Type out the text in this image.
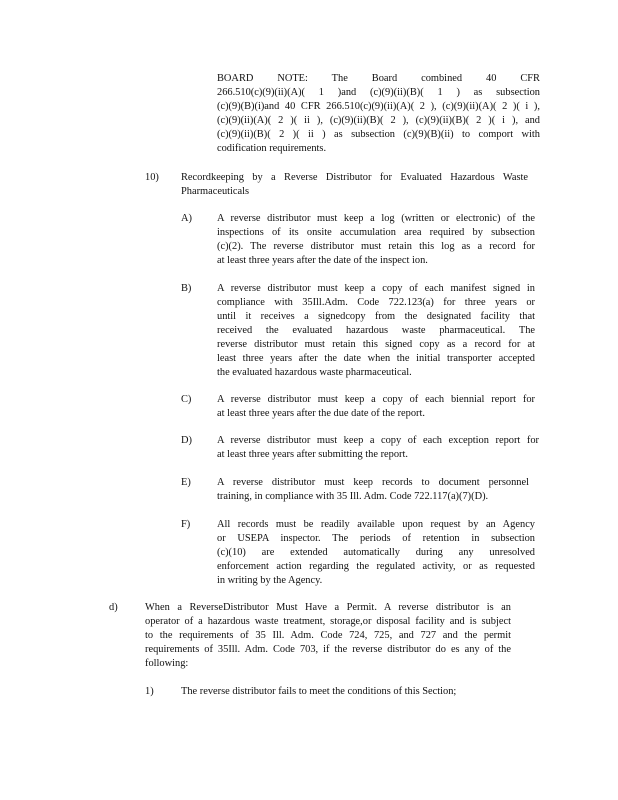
BOARD NOTE: The Board combined 40 CFR
266.510(c)(9)(ii)(A)( 1 )and (c)(9)(ii)(B)( 1 ) as subsection
(c)(9)(B)(i)and 40 CFR 266.510(c)(9)(ii)(A)( 2 ), (c)(9)(ii)(A)( 2 )( i ),
(c)(9)(ii)(A)( 2 )( ii ), (c)(9)(ii)(B)( 2 ), (c)(9)(ii)(B)( 2 )( i ), and
(c)(9)(ii)(B)( 2 )( ii ) as subsection (c)(9)(B)(ii) to comport with
codification requirements.
10) Recordkeeping by a Reverse Distributor for Evaluated Hazardous Waste
Pharmaceuticals
A) A reverse distributor must keep a log (written or electronic) of the
inspections of its onsite accumulation area required by subsection
(c)(2). The reverse distributor must retain this log as a record for
at least three years after the date of the inspect ion.
B) A reverse distributor must keep a copy of each manifest signed in
compliance with 35Ill.Adm. Code 722.123(a) for three years or
until it receives a signedcopy from the designated facility that
received the evaluated hazardous waste pharmaceutical. The
reverse distributor must retain this signed copy as a record for at
least three years after the date when the initial transporter accepted
the evaluated hazardous waste pharmaceutical.
C) A reverse distributor must keep a copy of each biennial report for
at least three years after the due date of the report.
D) A reverse distributor must keep a copy of each exception report for
at least three years after submitting the report.
E)	A reverse distributor must keep records to document personnel
training, in compliance with 35 Ill. Adm. Code 722.117(a)(7)(D).
F)	All records must be readily available upon request by an Agency
or USEPA inspector. The periods of retention in subsection
(c)(10) are extended automatically during any unresolved
enforcement action regarding the regulated activity, or as requested
in writing by the Agency.
d)	When a ReverseDistributor Must Have a Permit. A reverse distributor is an
operator of a hazardous waste treatment, storage,or disposal facility and is subject
to the requirements of 35 Ill. Adm. Code 724, 725, and 727 and the permit
requirements of 35Ill. Adm. Code 703, if the reverse distributor do es any of the
following:
1)	The reverse distributor fails to meet the conditions of this Section;
